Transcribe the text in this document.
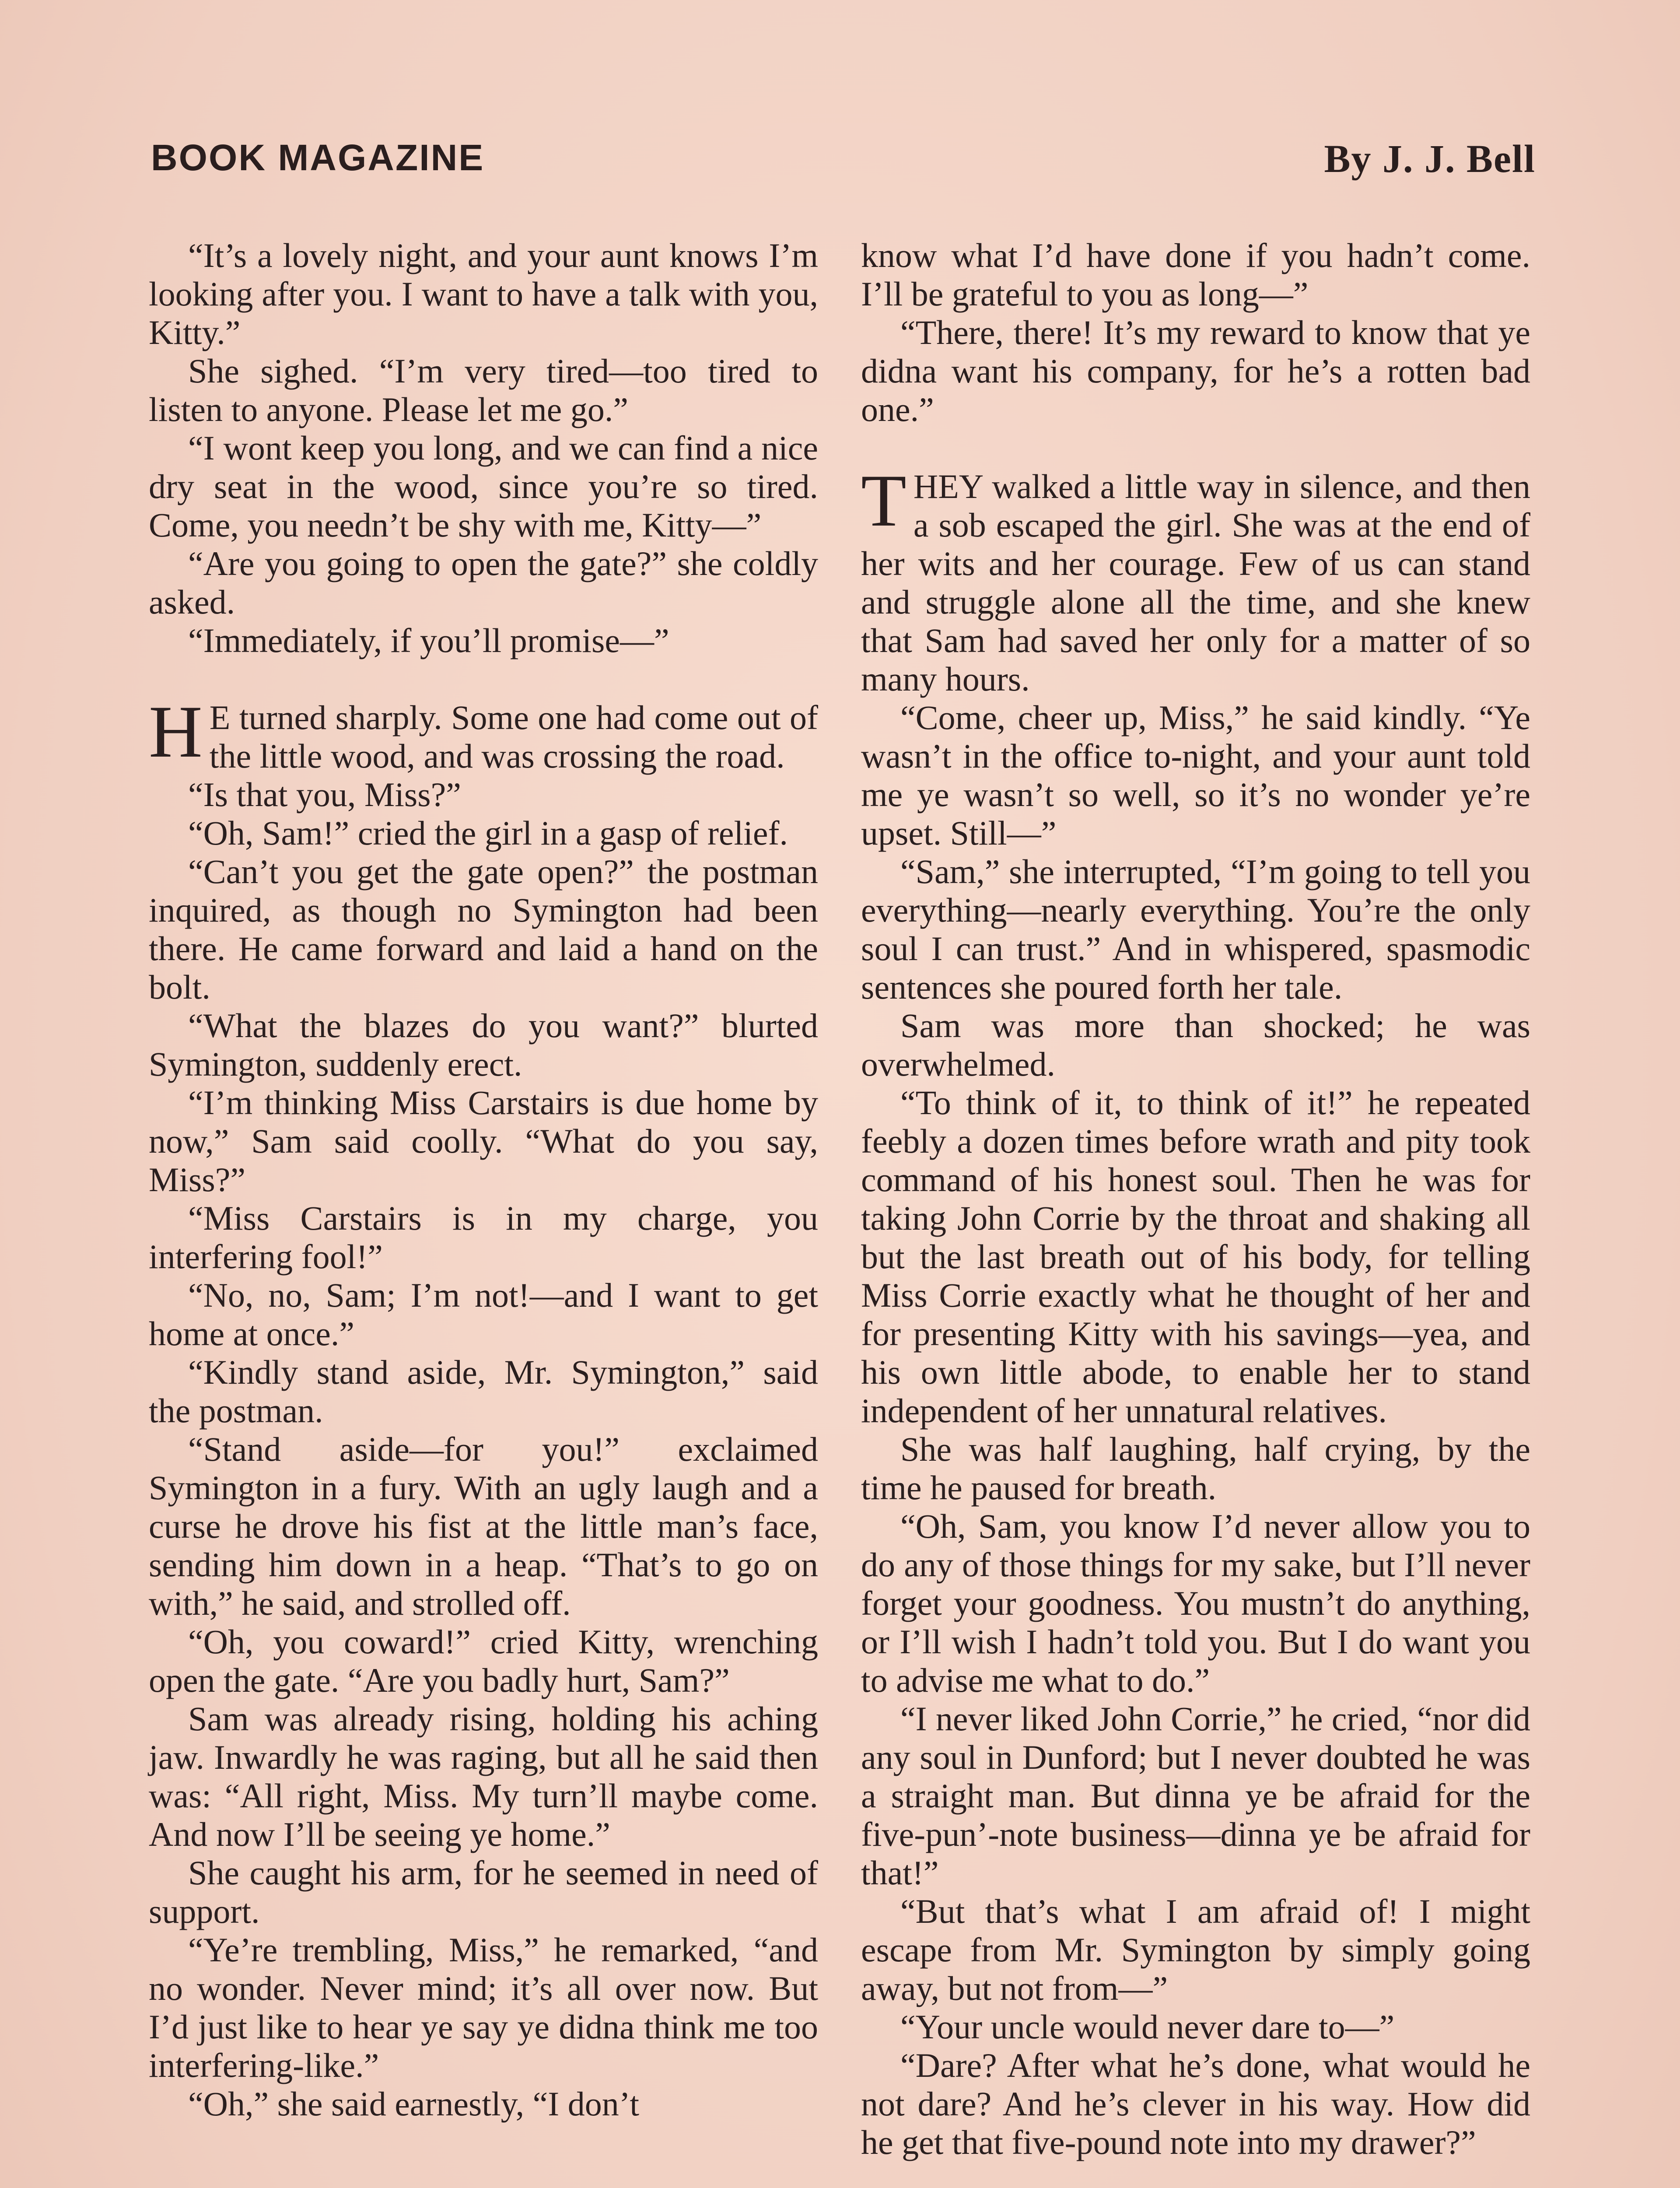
BOOK MAGAZINE	By J. J. Bell

“It’s a lovely night, and your aunt knows I’m looking after you. I want to have a talk with you, Kitty.”

She sighed. “I’m very tired—too tired to listen to anyone. Please let me go.”

“I wont keep you long, and we can find a nice dry seat in the wood, since you’re so tired. Come, you needn’t be shy with me, Kitty—”

“Are you going to open the gate?” she coldly asked.

“Immediately, if you’ll promise—”

H E turned sharply. Some one had come out of the little wood, and was crossing the road.

“Is that you, Miss?”

“Oh, Sam!” cried the girl in a gasp of relief.

“Can’t you get the gate open?” the postman inquired, as though no Symington had been there. He came forward and laid a hand on the bolt.

“What the blazes do you want?” blurted Symington, suddenly erect.

“I’m thinking Miss Carstairs is due home by now,” Sam said coolly. “What do you say, Miss?”

“Miss Carstairs is in my charge, you interfering fool!”

“No, no, Sam; I’m not!—and I want to get home at once.”

“Kindly stand aside, Mr. Symington,” said the postman.

“Stand aside—for you!” exclaimed Symington in a fury. With an ugly laugh and a curse he drove his fist at the little man’s face, sending him down in a heap. “That’s to go on with,” he said, and strolled off.

“Oh, you coward!” cried Kitty, wrenching open the gate. “Are you badly hurt, Sam?”

Sam was already rising, holding his aching jaw. Inwardly he was raging, but all he said then was: “All right, Miss. My turn’ll maybe come. And now I’ll be seeing ye home.”

She caught his arm, for he seemed in need of support.

“Ye’re trembling, Miss,” he remarked, “and no wonder. Never mind; it’s all over now. But I’d just like to hear ye say ye didna think me too interfering-like.”

“Oh,” she said earnestly, “I don’t

know what I’d have done if you hadn’t come. I’ll be grateful to you as long—”

“There, there! It’s my reward to know that ye didna want his company, for he’s a rotten bad one.”

THEY walked a little way in silence, and then a sob escaped the girl. She was at the end of her wits and her courage. Few of us can stand and struggle alone all the time, and she knew that Sam had saved her only for a matter of so many hours.

“Come, cheer up, Miss,” he said kindly. “Ye wasn’t in the office to-night, and your aunt told me ye wasn’t so well, so it’s no wonder ye’re upset. Still—”

“Sam,” she interrupted, “I’m going to tell you everything—nearly everything. You’re the only soul I can trust.” And in whispered, spasmodic sentences she poured forth her tale.

Sam was more than shocked; he was overwhelmed.

“To think of it, to think of it!” he repeated feebly a dozen times before wrath and pity took command of his honest soul. Then he was for taking John Corrie by the throat and shaking all but the last breath out of his body, for telling Miss Corrie exactly what he thought of her and for presenting Kitty with his savings—yea, and his own little abode, to enable her to stand independent of her unnatural relatives.

She was half laughing, half crying, by the time he paused for breath.

“Oh, Sam, you know I’d never allow you to do any of those things for my sake, but I’ll never forget your goodness. You mustn’t do anything, or I’ll wish I hadn’t told you. But I do want you to advise me what to do.”

“I never liked John Corrie,” he cried, “nor did any soul in Dunford; but I never doubted he was a straight man. But dinna ye be afraid for the five-pun’-note business—dinna ye be afraid for that!”

“But that’s what I am afraid of! I might escape from Mr. Symington by simply going away, but not from—”

“Your uncle would never dare to—”

“Dare? After what he’s done, what would he not dare? And he’s clever in his way. How did he get that five-pound note into my drawer?”
